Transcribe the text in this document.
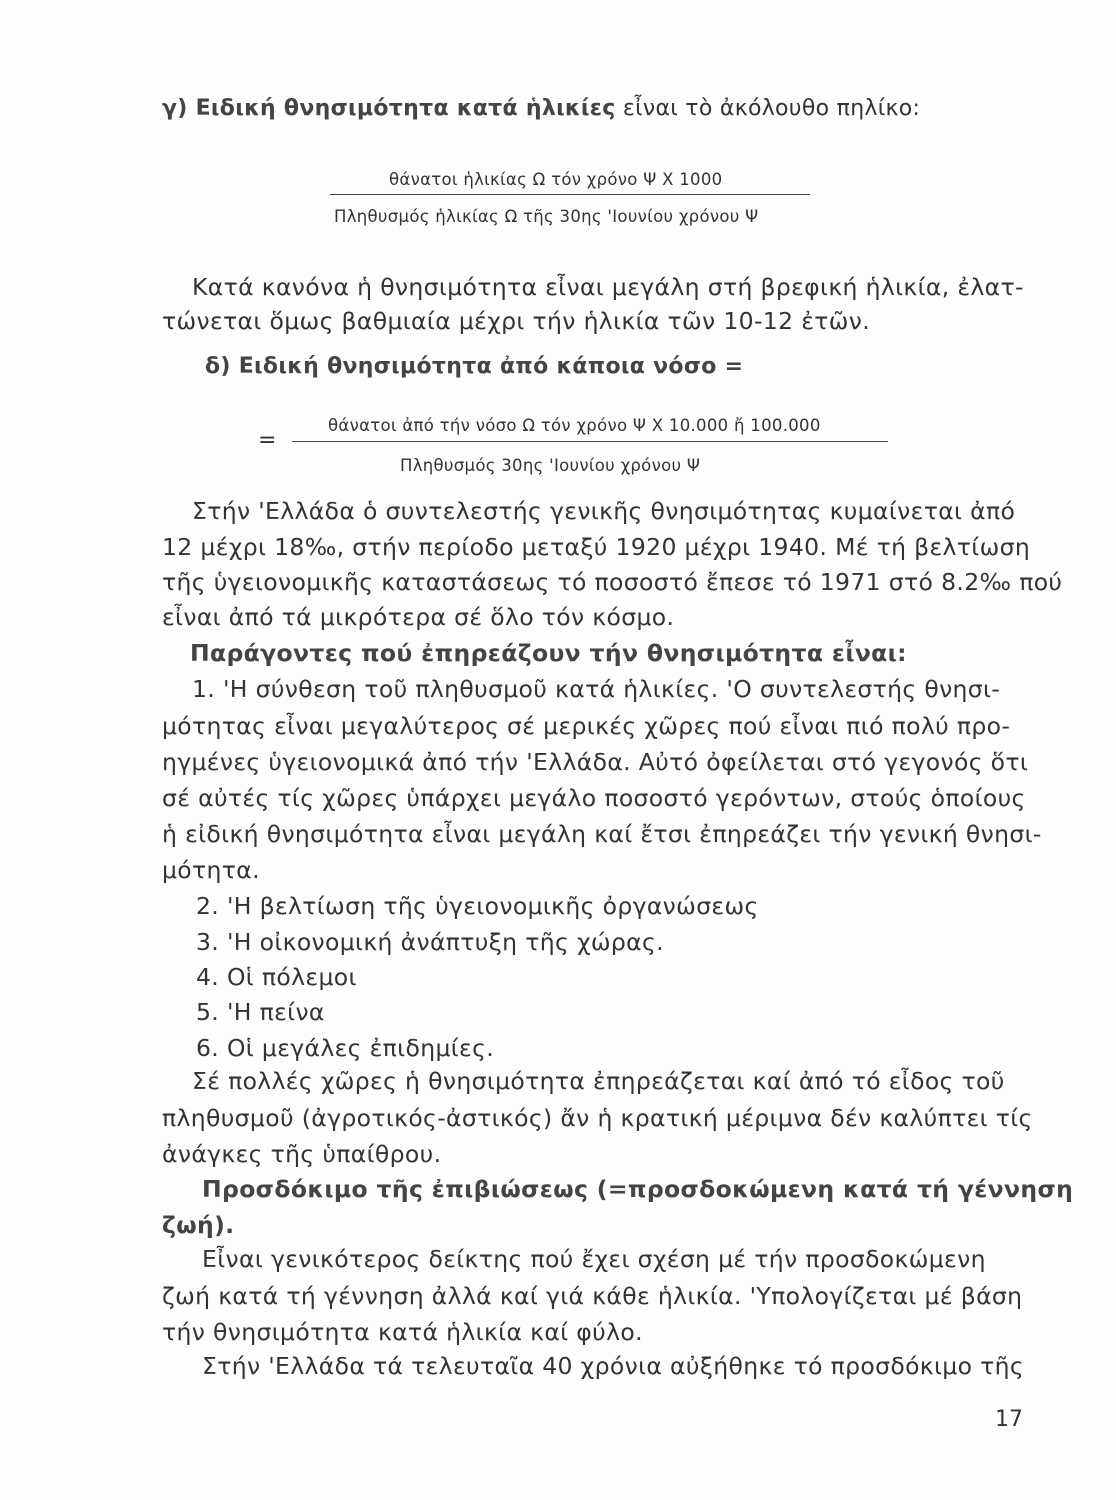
γ) Ειδική θνησιμότητα κατά ἡλικίες εἶναι τὸ ἀκόλουθο πηλίκο:
θάνατοι ἡλικίας Ω τόν χρόνο Ψ Χ 1000
Πληθυσμός ἡλικίας Ω τῆς 30ης 'Ιουνίου χρόνου Ψ
Κατά κανόνα ἡ θνησιμότητα εἶναι μεγάλη στή βρεφική ἡλικία, ἐλατ-
τώνεται ὅμως βαθμιαία μέχρι τήν ἡλικία τῶν 10-12 ἐτῶν.
δ) Ειδική θνησιμότητα ἀπό κάποια νόσο =
=
θάνατοι ἀπό τήν νόσο Ω τόν χρόνο Ψ Χ 10.000 ἤ 100.000
Πληθυσμός 30ης 'Ιουνίου χρόνου Ψ
Στήν 'Ελλάδα ὁ συντελεστής γενικῆς θνησιμότητας κυμαίνεται ἀπό
12 μέχρι 18‰, στήν περίοδο μεταξύ 1920 μέχρι 1940. Μέ τή βελτίωση
τῆς ὑγειονομικῆς καταστάσεως τό ποσοστό ἔπεσε τό 1971 στό 8.2‰ πού
εἶναι ἀπό τά μικρότερα σέ ὅλο τόν κόσμο.
Παράγοντες πού ἐπηρεάζουν τήν θνησιμότητα εἶναι:
1. 'Η σύνθεση τοῦ πληθυσμοῦ κατά ἡλικίες. 'Ο συντελεστής θνησι-
μότητας εἶναι μεγαλύτερος σέ μερικές χῶρες πού εἶναι πιό πολύ προ-
ηγμένες ὑγειονομικά ἀπό τήν 'Ελλάδα. Αὐτό ὀφείλεται στό γεγονός ὅτι
σέ αὐτές τίς χῶρες ὑπάρχει μεγάλο ποσοστό γερόντων, στούς ὁποίους
ἡ εἰδική θνησιμότητα εἶναι μεγάλη καί ἔτσι ἐπηρεάζει τήν γενική θνησι-
μότητα.
2. 'Η βελτίωση τῆς ὑγειονομικῆς ὀργανώσεως
3. 'Η οἰκονομική ἀνάπτυξη τῆς χώρας.
4. Οἱ πόλεμοι
5. 'Η πείνα
6. Οἱ μεγάλες ἐπιδημίες.
Σέ πολλές χῶρες ἡ θνησιμότητα ἐπηρεάζεται καί ἀπό τό εἶδος τοῦ
πληθυσμοῦ (ἀγροτικός-ἀστικός) ἄν ἡ κρατική μέριμνα δέν καλύπτει τίς
ἀνάγκες τῆς ὑπαίθρου.
Προσδόκιμο τῆς ἐπιβιώσεως (=προσδοκώμενη κατά τή γέννηση
ζωή).
Εἶναι γενικότερος δείκτης πού ἔχει σχέση μέ τήν προσδοκώμενη
ζωή κατά τή γέννηση ἀλλά καί γιά κάθε ἡλικία. 'Υπολογίζεται μέ βάση
τήν θνησιμότητα κατά ἡλικία καί φύλο.
Στήν 'Ελλάδα τά τελευταῖα 40 χρόνια αὐξήθηκε τό προσδόκιμο τῆς
17
